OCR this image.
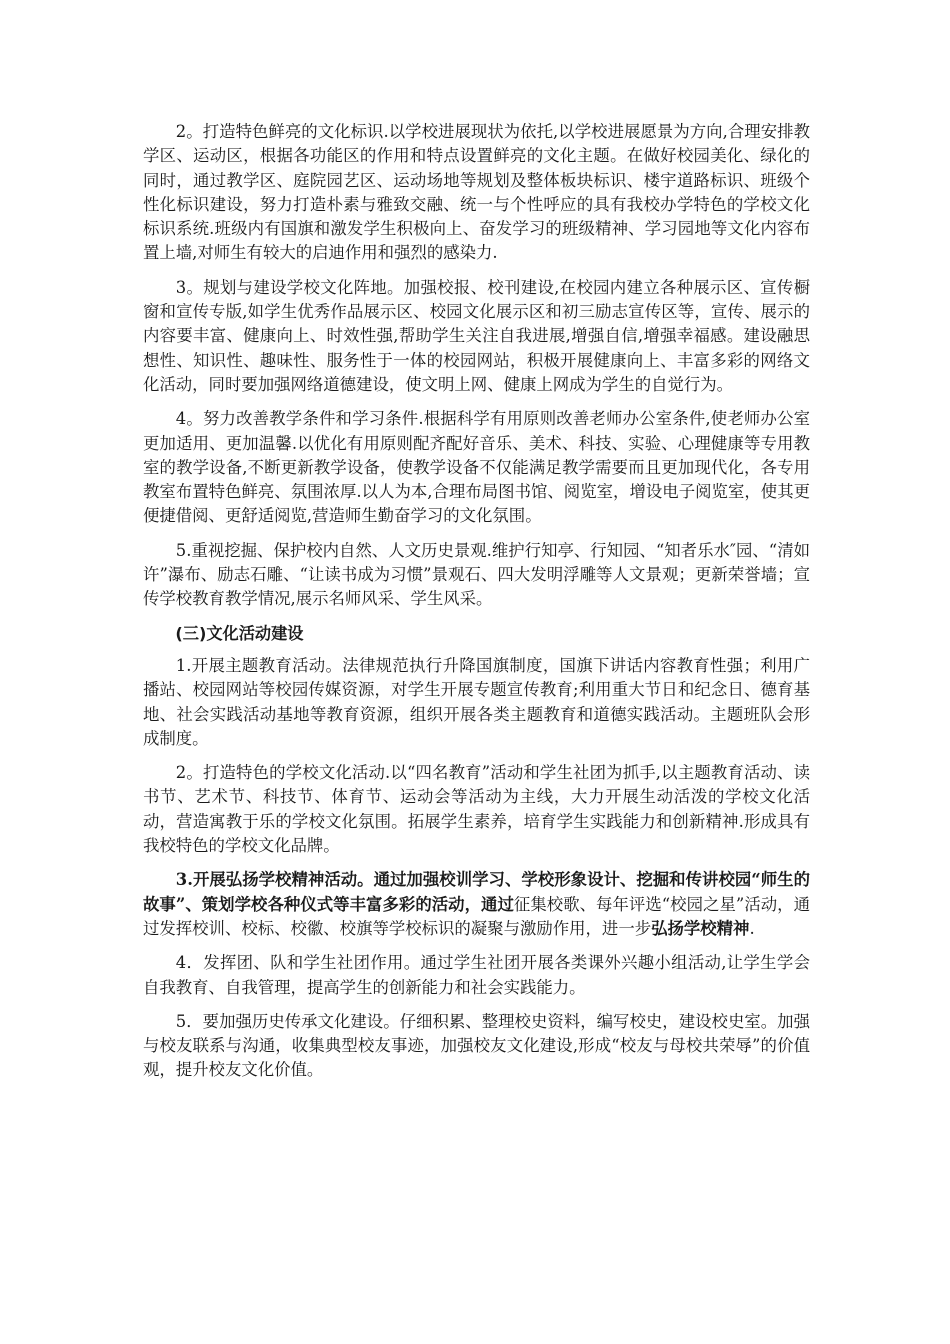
2。打造特色鲜亮的文化标识.以学校进展现状为依托,以学校进展愿景为方向,合理安排教学区、运动区，根据各功能区的作用和特点设置鲜亮的文化主题。在做好校园美化、绿化的同时，通过教学区、庭院园艺区、运动场地等规划及整体板块标识、楼宇道路标识、班级个性化标识建设，努力打造朴素与雅致交融、统一与个性呼应的具有我校办学特色的学校文化标识系统.班级内有国旗和激发学生积极向上、奋发学习的班级精神、学习园地等文化内容布置上墙,对师生有较大的启迪作用和强烈的感染力.

3。规划与建设学校文化阵地。加强校报、校刊建设,在校园内建立各种展示区、宣传橱窗和宣传专版,如学生优秀作品展示区、校园文化展示区和初三励志宣传区等，宣传、展示的内容要丰富、健康向上、时效性强,帮助学生关注自我进展,增强自信,增强幸福感。建设融思想性、知识性、趣味性、服务性于一体的校园网站，积极开展健康向上、丰富多彩的网络文化活动，同时要加强网络道德建设，使文明上网、健康上网成为学生的自觉行为。

4。努力改善教学条件和学习条件.根据科学有用原则改善老师办公室条件,使老师办公室更加适用、更加温馨.以优化有用原则配齐配好音乐、美术、科技、实验、心理健康等专用教室的教学设备,不断更新教学设备，使教学设备不仅能满足教学需要而且更加现代化，各专用教室布置特色鲜亮、氛围浓厚.以人为本,合理布局图书馆、阅览室，增设电子阅览室，使其更便捷借阅、更舒适阅览,营造师生勤奋学习的文化氛围。

5.重视挖掘、保护校内自然、人文历史景观.维护行知亭、行知园、“知者乐水″园、“清如许”瀑布、励志石雕、“让读书成为习惯”景观石、四大发明浮雕等人文景观；更新荣誉墙；宣传学校教育教学情况,展示名师风采、学生风采。

(三)文化活动建设

1.开展主题教育活动。法律规范执行升降国旗制度，国旗下讲话内容教育性强；利用广播站、校园网站等校园传媒资源，对学生开展专题宣传教育;利用重大节日和纪念日、德育基地、社会实践活动基地等教育资源，组织开展各类主题教育和道德实践活动。主题班队会形成制度。

2。打造特色的学校文化活动.以“四名教育”活动和学生社团为抓手,以主题教育活动、读书节、艺术节、科技节、体育节、运动会等活动为主线，大力开展生动活泼的学校文化活动，营造寓教于乐的学校文化氛围。拓展学生素养，培育学生实践能力和创新精神.形成具有我校特色的学校文化品牌。

3.开展弘扬学校精神活动。通过加强校训学习、学校形象设计、挖掘和传讲校园“师生的故事”、策划学校各种仪式等丰富多彩的活动，通过征集校歌、每年评选“校园之星”活动，通过发挥校训、校标、校徽、校旗等学校标识的凝聚与激励作用，进一步弘扬学校精神.

4．发挥团、队和学生社团作用。通过学生社团开展各类课外兴趣小组活动,让学生学会自我教育、自我管理，提高学生的创新能力和社会实践能力。

5．要加强历史传承文化建设。仔细积累、整理校史资料，编写校史，建设校史室。加强与校友联系与沟通，收集典型校友事迹，加强校友文化建设,形成“校友与母校共荣辱”的价值观，提升校友文化价值。
